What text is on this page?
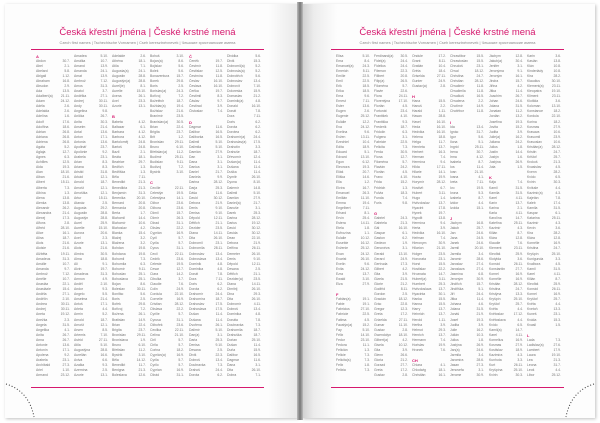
Česká křestní jména | České krstné mená
Czech first names | Tschechische Vornamen | Cseh keresztnévnevek | Чешские христианские имена
Česká křestní jména | České krstné mená
Czech first names | Tschechische Vornamen | Cseh keresztnévnevek | Чешские христианские имена
A
Abdon	30.7.
Abel	2.1.
Abelard	5.8.
Abigail	1.12.
Abraham	16.8.
Absolon	2.9.
Ada	13.5.
Adalbert(a) 21.11.
Adam	24.12.
Adéla	2.6.
Adelaida	2.6.
Adelína	1.6.
Adolf	17.6.
Adolfína	18.6.
Adrian	26.8.
Adriana	26.8.
Adriena	26.8.
Agáta	5.2.
Aglaja	12.7.
Agnes	6.3.
Achilles	12.5.
Aida	19.3.
Alan	18.10.
Alban	21.6.
Albert	15.11.
Alberta	7.3.
Albína	1.3.
Alena	13.8.
Alenka	13.8.
Alexandr	26.2.
Alexandra	21.4.
Alexej	17.3.
Alfons	2.8.
Alfréd	28.10.
Alice	16.1.
Alina	18.7.
Alois	21.6.
Aloisie	21.6.
Alžběta	19.11.
Amadeus	31.3.
Amálie	10.7.
Amanda	9.7.
Ambrož	7.12.
Amélie	10.7.
Anastáz	22.1.
Anastázie	15.4.
Anděla	27.1.
Andělín	2.10.
Andrea	30.11.
Andrej	30.11.
Aneta	19.12.
Anežka	2.3.
Angela	31.5.
Angelika	4.1.
Anita	26.7.
Anna	26.7.
Antonie	13.6.
Antonín	17.1.
Apolena	9.2.
Arabela	23.1.
Archibald	27.3.
Ariel	1.10.
Armand	23.12.
Amadea	5.10.
Amálka	10.7.
Amand	13.9.
Amanda	24.1.
Amat	13.9.
Ambrož	7.12.
Amos	31.3.
Anatol	3.7.
Andělka	27.1.
Andrej	30.11.
Andy	30.11.
Angelina	9.8.
Anička	26.7.
Anita	30.3.
Anselm	21.4.
Antal	13.6.
Anton	17.1.
Antonia	13.6.
Apolinář	23.7.
Apolónie	9.2.
Arabela	23.1.
Arian	8.3.
Ariana	8.3.
Aristid	31.8.
Arkád	12.1.
Arnold	18.7.
Arnošt	12.1.
Arnoštka	12.1.
Artur	15.11.
Atanáz	2.5.
Augusta	29.2.
Augustin	28.8.
Augustýn	28.8.
Aurel	25.9.
Aurelie	15.10.
Aurora	20.6.
Axel	2.3.
Azurie	13.1.
Alois	21.6.
Almira	30.5.
Alma	18.8.
Ali	9.1.
Alvin	19.7.
Amadeus	31.3.
Amnon	4.9.
Anděl	2.10.
Andor	9.3.
Angelo	5.5.
Anselma	21.4.
Antoš	17.1.
Arleta	4.4.
Armin	5.2.
Arnold	18.7.
Arnošt	12.1.
Arsen	8.5.
Artemis	7.10.
Astrid	27.11.
Atila	5.10.
Augustýna	28.8.
Aurelián	16.6.
Aviva	6.6.
Azalka	9.3.
Azemína	2.5.
Azurie	13.1.
Adelaide	2.6.
Athéna	18.1.
Atila	7.1.
Augusta(a)	24.1.
Augustin	28.8.
Augustýn(a) 28.8.
Aurel(ie)	8.1.
Aurelie	15.10.
Avena	26.1.
Axel	23.3.
Azurie	13.1.
B
Babeta	4.12.
Baltazar	6.1.
Barbara	4.12.
Barbora	4.12.
Bartoloměj	24.8.
Bartoš	24.8.
Bazil	2.1.
Beáta	18.1.
Beatrice	29.7.
Bedřich	1.3.
Bedřiška	1.3.
Běla	7.11.
Benedikt	21.3.
Benedikta	21.3.
Benjamín	31.3.
Berenika	20.10.
Bernard	20.8.
Bernarda	20.8.
Berta	1.7.
Blahomil	14.4.
Blahomír	10.6.
Blahoslav	4.2.
Blanka	15.4.
Blažej	3.2.
Blažena	3.2.
Bohdan	19.8.
Bohdana	19.8.
Bohumil	7.3.
Bohumila	6.3.
Bohumír	9.11.
Bohuslav	25.1.
Bohuslava	25.1.
Bojan	8.6.
Boleslav	30.11.
Bonifác	5.6.
Boris	2.5.
Bořek	29.8.
Bořivoj	7.2.
Božena	26.1.
Bratislav	14.9.
Brian	22.4.
Brigita	23.7.
Bronislav	29.11.
Bronislava	1.9.
Bruno	6.10.
Břetislav	11.2.
Bystrík	3.10.
Běla	14.12.
Benedikt	11.7.
Benigna	21.3.
Boleslava	12.6.
Bohuš	3.10.
Bojan(a)	8.6.
Bojislav	5.6.
Bolek	5.6.
Bonaventura 15.7.
Borek	29.8.
Boris	2.5.
Borislav(a)	24.3.
Bořivoj	7.2.
Božetěch	18.7.
Božidar(a)	19.4.
Božislav	21.6.
Branimír	23.5.
Branislav(a) 30.5.
Brian	22.4.
Brigita	23.7.
Brit	1.2.
Bronislav	29.11.
Bruno	6.10.
Břetislav(a)	11.2.
Budimír	25.11.
Budislav	9.11.
Budivoj	7.2.
Bystrík	3.10.
C
Cecílie	22.11.
Celestýn	19.5.
Celestýna	14.1.
Ctibor	23.6.
Ctibora	23.6.
Ctimil	15.7.
Ctimír	26.3.
Ctirad	31.1.
Ctislav	22.2.
Cyprián	16.9.
Cyril	5.7.
Cyrila	5.7.
Cyrus	31.1.
Cecil	22.11.
Cedrik	23.6.
Celeste	19.5.
Cesar	12.7.
Ciara	14.2.
Cibulka	3.7.
Claudie	7.6.
Colin	24.9.
Cordula	22.10.
Cornelie	16.9.
Cristian	28.12.
Ctislava	22.2.
Cyrílie	5.7.
Cyrusa	31.1.
Ctibořek	23.6.
Cecilka	22.11.
Celína	21.10.
Ciril	5.7.
Cirila	5.7.
Corina	18.2.
Cyprián(a)	16.9.
Cyrila	5.7.
Cyrilo	5.7.
Cyprian	16.9.
Ctirád	31.1.
Č
Čeněk	19.7.
Čestmír	11.8.
Čestislav	12.5.
Čestmíra	11.8.
Česlav	16.10.
Česlava	16.10.
Čeňka	19.7.
Čestimil	8.3.
Čáslav	9.7.
Čestirad	3.9.
Čistoslav	7.4.
D
Dagmar	11.6.
Dalibor	16.5.
Daliborka	16.5.
Dalimil	5.10.
Dalimila	5.10.
Damián	27.9.
Dan	3.1.
Dana	3.1.
Danica	3.1.
Daniel	21.7.
Daniela	9.9.
Darina	28.12.
Darja	25.3.
Dáša	11.6.
David	30.12.
Debora	21.9.
Denis	9.10.
Denisa	9.10.
Děpold	12.11.
Dětřich	21.1.
Dezider	23.5.
Diana	14.11.
Dita	26.10.
Dobromil	23.1.
Dobromila	28.11.
Dobroslav	13.4.
Dobroslava	13.4.
Dominik	4.8.
Dominika	4.8.
Donát	7.8.
Dora	7.11.
Doris	6.2.
Dorota	6.2.
Drahomír	24.4.
Drahomíra	18.7.
Drahoslav	17.5.
Drahoslava	17.5.
Dušan	11.4.
Dušana	11.4.
Dvořena	26.1.
Dalimír	5.10.
Dan(a)	3.1.
Daria	25.3.
Denisa	9.10.
Desana	2.5.
Diviš	22.3.
Dobroš	13.4.
Doubravka	7.3.
Drahoš	24.4.
Dorota	6.2.
Dividka	5.6.
Diviš	15.3.
Dobromil(a)	5.2.
Dobrosla(a)	5.2.
Dobrotěch	5.6.
Dobroslav	13.4.
Dobrovít	7.10.
Doloreska	15.9.
Domaslav	21.2.
Dominik(a)	4.8.
Donald	16.10.
Donát	7.8.
Dora	7.11.
Doris	6.2.
Dorota	6.2.
Dorotea	6.2.
Drahomír(a) 24.4.
Drahoslav(a) 17.5.
Drahotín	3.3.
Drahuše	18.7.
Dřevomír	12.4.
Dušan(a)	11.4.
Dušana	11.4.
Duška	11.4.
Dymitr	26.10.
Dyona	8.10.
Dalemír	14.8.
Dalimil	5.10.
Damián	27.9.
Daniel(a)	21.7.
Danuše	3.1.
Darek	25.3.
Darina	28.12.
Darius	19.12.
David	30.12.
Davida	30.12.
Dean	22.10.
Debora	21.9.
Delfína	26.11.
Demeter	26.10.
Denis	9.10.
Děpold	12.11.
Desana	2.5.
Dětřich	21.1.
Dezider(a)	23.5.
Diana	14.11.
Dimitrij	26.10.
Dina	29.3.
Dita	26.10.
Dobromír	4.11.
Dobroš	13.4.
Dominika	4.8.
Donáta	7.8.
Doubravka	7.3.
Drahomila	18.7.
Drahuška	18.7.
Dorian	25.10.
Dušan	11.4.
Duňa	15.9.
Dalibor	16.5.
Dagmar	11.6.
Ďana	3.1.
Dita	26.10.
Dobra	7.1.
Elisa	5.10.
Ema	8.4.
Emanuel(a)	24.3.
Emerich	5.11.
Emílie	22.5.
Emil	22.5.
Erik	18.5.
Erika	18.5.
Erna	9.6.
Ernest	7.11.
Ester	13.6.
Eugen	2.6.
Eugenie	25.12.
Eulálie	12.2.
Eva	24.12.
Evelína	9.6.
Evžen	13.11.
Ezechiel	10.4.
Edita	18.9.
Eduard	5.1.
Edvard	13.10.
Egon	6.12.
Eleonora	19.3.
Eliáš	20.7.
Eliška	14.6.
Ella	1.2.
Elvíra	16.7.
Emanuel	26.3.
Emilián	11.10.
Emma	19.4.
Engelbert	7.11.
Erhard	8.1.
Ervín	25.4.
Estera	14.11.
Etela	1.8.
Eufrozína	1.1.
Eulalie	10.12.
Eusebie	16.12.
Evženie	25.12.
Evan	24.12.
Evarist	26.10.
Evelín	9.6.
Evita	24.12.
Ezra	13.7.
Ewald	3.10.
Elza	27.9.
F
Fabián(a)	19.1.
Fabie	19.1.
Fabricius	27.10.
Fabrície	22.5.
Fatima	4.5.
Faustýn(a)	15.2.
Fay	5.10.
Félix	14.10.
Fedor	23.10.
Fedora	11.1.
Felicián	1.3.
Felicie	7.3.
Felicita(s)	7.3.
Felix	1.8.
Felixia	7.3.
Ferdinand(a) 30.5.
Fidel(a)	24.4.
Fidelius	24.4.
Filemon	22.3.
Filibert	20.8.
Filip(a)	26.5.
Filoména	5.7.
Flavie	22.6.
Flora	24.11.
Florentýna	17.10.
Florián	4.5.
Fortunát	23.4.
František	4.10.
Františka	9.3.
Frederik	18.7.
Fridolín	6.3.
Fulgenc	3.1.
Fabricie	22.5.
Felicita	7.3.
Ferda	30.5.
Fiona	12.7.
Filoména	5.7.
Flavián	24.2.
Florián	4.5.
Franc	4.10.
Frida	15.2.
Fridrich	1.3.
Fulvia	18.3.
Funda	7.4.
Furis	9.8.
G
Gabriel	24.3.
Gabriela	21.3.
Gál	16.10.
Gaspar	6.1.
Gaston	6.2.
Gedeon	1.9.
Genovéva	3.1.
Gerald	13.10.
Gerard	24.9.
Gertruda	17.3.
Gilbert	4.2.
Gita	3.9.
Gizela	21.5.
Glorie	21.2.
Godfrid	8.11.
Gordon	2.5.
Gracián	18.12.
Grác	22.8.
Gregor	12.3.
Greta	17.2.
Grizelda	27.11.
Gumar	11.10.
Gustav	2.8.
Gwendolyn 18.10.
Gilbert(a)	4.2.
Gisela	10.12.
Gita	3.9.
Glenn	26.6.
Gloria	21.2.
Gorazd	27.7.
Greta	17.2.
Gustav	2.8.
Ondule	17.2.
Grant	8.11.
Gratián	10.4.
Gréta	18.4.
Griselda	27.11.
Gunter	24.9.
Gustav(a)	2.8.
H
Hana	15.5.
Hanuš	2.2.
Harald	1.11.
Hasan	28.8.
Havel	16.10.
Heda	16.10.
Hedvika	16.10.
Helena	18.8.
Helga	11.7.
Henrieta	13.7.
Herbert	16.3.
Herman	7.4.
Hermína	9.4.
Hilda	17.11.
Hilarie	14.1.
Horác	19.9.
Horymír	28.12.
Hostivít	6.7.
Hubert	3.11.
Hugo	1.4.
Hvězdoslav	13.7.
Hyacint	17.8.
Hynek	19.7.
Hypolit	13.8.
Hermína	9.4.
Herta	3.9.
Hedvika	16.10.
Heřman	7.4.
Hieronym	30.9.
Hilarion	21.10.
Holger	23.5.
Honorata	23.1.
Horst	15.5.
Hostislav	22.2.
Hroznata	14.7.
Hubert(a)	3.11.
Humbert	25.3.
Hvězdoslava 13.7.
Hyacinta	30.1.
Hanka	15.5.
Hanna	15.5.
Harry	13.7.
Heinrich	13.7.
Herold	1.11.
Hertha	3.9.
Helmut	29.3.
Henrich	13.7.
Hermann	7.4.
Horislav	19.9.
Hronek	7.6.
CH
Chiara	4.1.
Chlodwig	18.1.
Christián	16.1.
Chrastibor	15.5.
Chrastoslav	15.5.
Chrudoš	23.1.
Chval	18.12.
Christina	24.7.
Christian	28.12.
Chvalimír	11.8.
Chvalimila	11.8.
Chvalkoš	16.5.
Chvalena	2.2.
Chotimír	14.9.
Chotěbor	11.8.
I
Ida	13.4.
Ignác	31.7.
Igor	5.6.
Ilona	5.1.
Ingrid	25.11.
Irena	30.7.
Irma	4.12.
Isabela	8.7.
Iva	11.4.
Ivan	21.10.
Ivana	4.1.
Iveta	7.11.
Ivo	19.5.
Ivona	5.3.
Izabela	8.7.
Izidor	4.4.
Izolda	15.1.
J
Jáchym	16.8.
Jakub	25.7.
Jan	24.6.
Jana	24.5.
Janek	24.6.
Jarmil	20.10.
Jarmila	3.4.
Jaromír	28.6.
Jaroslav	27.4.
Jaroslava	27.4.
Jasmína	6.8.
Jeroným	30.9.
Jindřich	15.7.
Jindřiška	5.1.
Jiří	24.4.
Jitka	11.4.
Johana	4.6.
Jolana	31.5.
Jonáš	21.9.
Josef	19.3.
Judita	3.9.
Julie	16.2.
Julián	10.3.
Julius	1.8.
Justýna	26.9.
Jan(a)	24.6.
Jarmila	3.4.
Jaromíra	28.6.
Jasan	27.3.
Jenovefa	3.1.
Jerome	30.9.
Jáchym	12.8.
Jakub(a)	30.4.
Jenifer	3.1.
Jeronýma	9.1.
Jeroným	16.1.
Jindra	15.7.
Jiřina	4.2.
Jitka	11.4.
Joachim	26.7.
Johan	24.6.
Jolana	31.5.
Jonatan	11.2.
Jordán	13.2.
Josefína	19.3.
Jovita	15.2.
Judita	3.9.
Julie(a)	16.2.
Juliana	24.2.
Julius	1.8.
Justin	14.4.
Justýn	1.6.
Justýna	26.9.
Juta	1.5.
K
Kája	7.4.
Kamil	31.5.
Kamila	31.5.
Karel	4.11.
Karín	13.7.
Karina	2.1.
Karla	4.11.
Karolína	14.7.
Kateřina	25.11.
Kazimír	4.3.
Kilián	8.7.
Klára	12.8.
Klaudie	7.6.
Klement	23.11.
Kleofáš	25.9.
Klotylda	3.6.
Konrád	26.11.
Konstantin	27.7.
Kornel	16.9.
Kornélie	16.9.
Kristián	28.12.
Kristina	24.7.
Kristýna	13.3.
Kryšpín	25.10.
Kryštof	25.7.
Květa	4.4.
Květoslav	17.12.
Květoslava	4.4.
Kvido	6.5.
Kamil(a)	14.7.
Karel	4.11.
Kornelius	16.9.
Kosmas	27.9.
Kostislav	18.9.
Kazimíra	4.3.
Kunhuta	3.3.
Kurt	26.11.
Kryšpína	25.10.
Kvirin	30.3.
Karin	3.6.
Kasián	13.8.
Klán	10.8.
Kinderlády	10.8.
Kira	28.2.
Klaudius	30.10.
Klement(a) 23.11.
Kleopatra	19.10.
Kliment	23.11.
Klotilda	3.6.
Koloman	13.10.
Konstance	18.2.
Kordula	22.10.
Korina	18.2.
Kosmas	27.9.
Krasava	10.6.
Krasomil	23.9.
Krasoslav	10.6.
Kristián(a)	28.12.
Kristin	24.7.
Krištof	25.7.
Krokoš	21.3.
Kvasislav	4.5.
Kvenn	28.2.
Kvido	6.5.
Kvirin	30.3.
Kvituše	4.4.
Kazimír(a)	4.3.
Kajetán	7.8.
Kaleb	17.4.
Kamila	31.5.
Kaspar	6.1.
Katarina	25.11.
Kazimír	4.3.
Kevin	3.6.
Kira	28.2.
Klára	12.8.
Kornélie	16.9.
Kristina	24.7.
Kryšpín	25.10.
Kunigunda	3.3.
Kvalbora	4.5.
Kamil	31.5.
Karel	4.11.
Kilián	8.7.
Kleofáš	25.9.
Konrád	26.11.
Kornel	16.9.
Kryštof	25.7.
Květa	4.4.
Kvetoň	13.3.
Kuneš	23.1.
Kváča	15.3.
Kvasil	1.5.
L
Lada	7.3.
Ladislav(a)	27.6.
Lambert	17.9.
Laura	19.10.
Lea	21.3.
Leona	31.7.
Leoš	4.4.
Libor	25.12.
